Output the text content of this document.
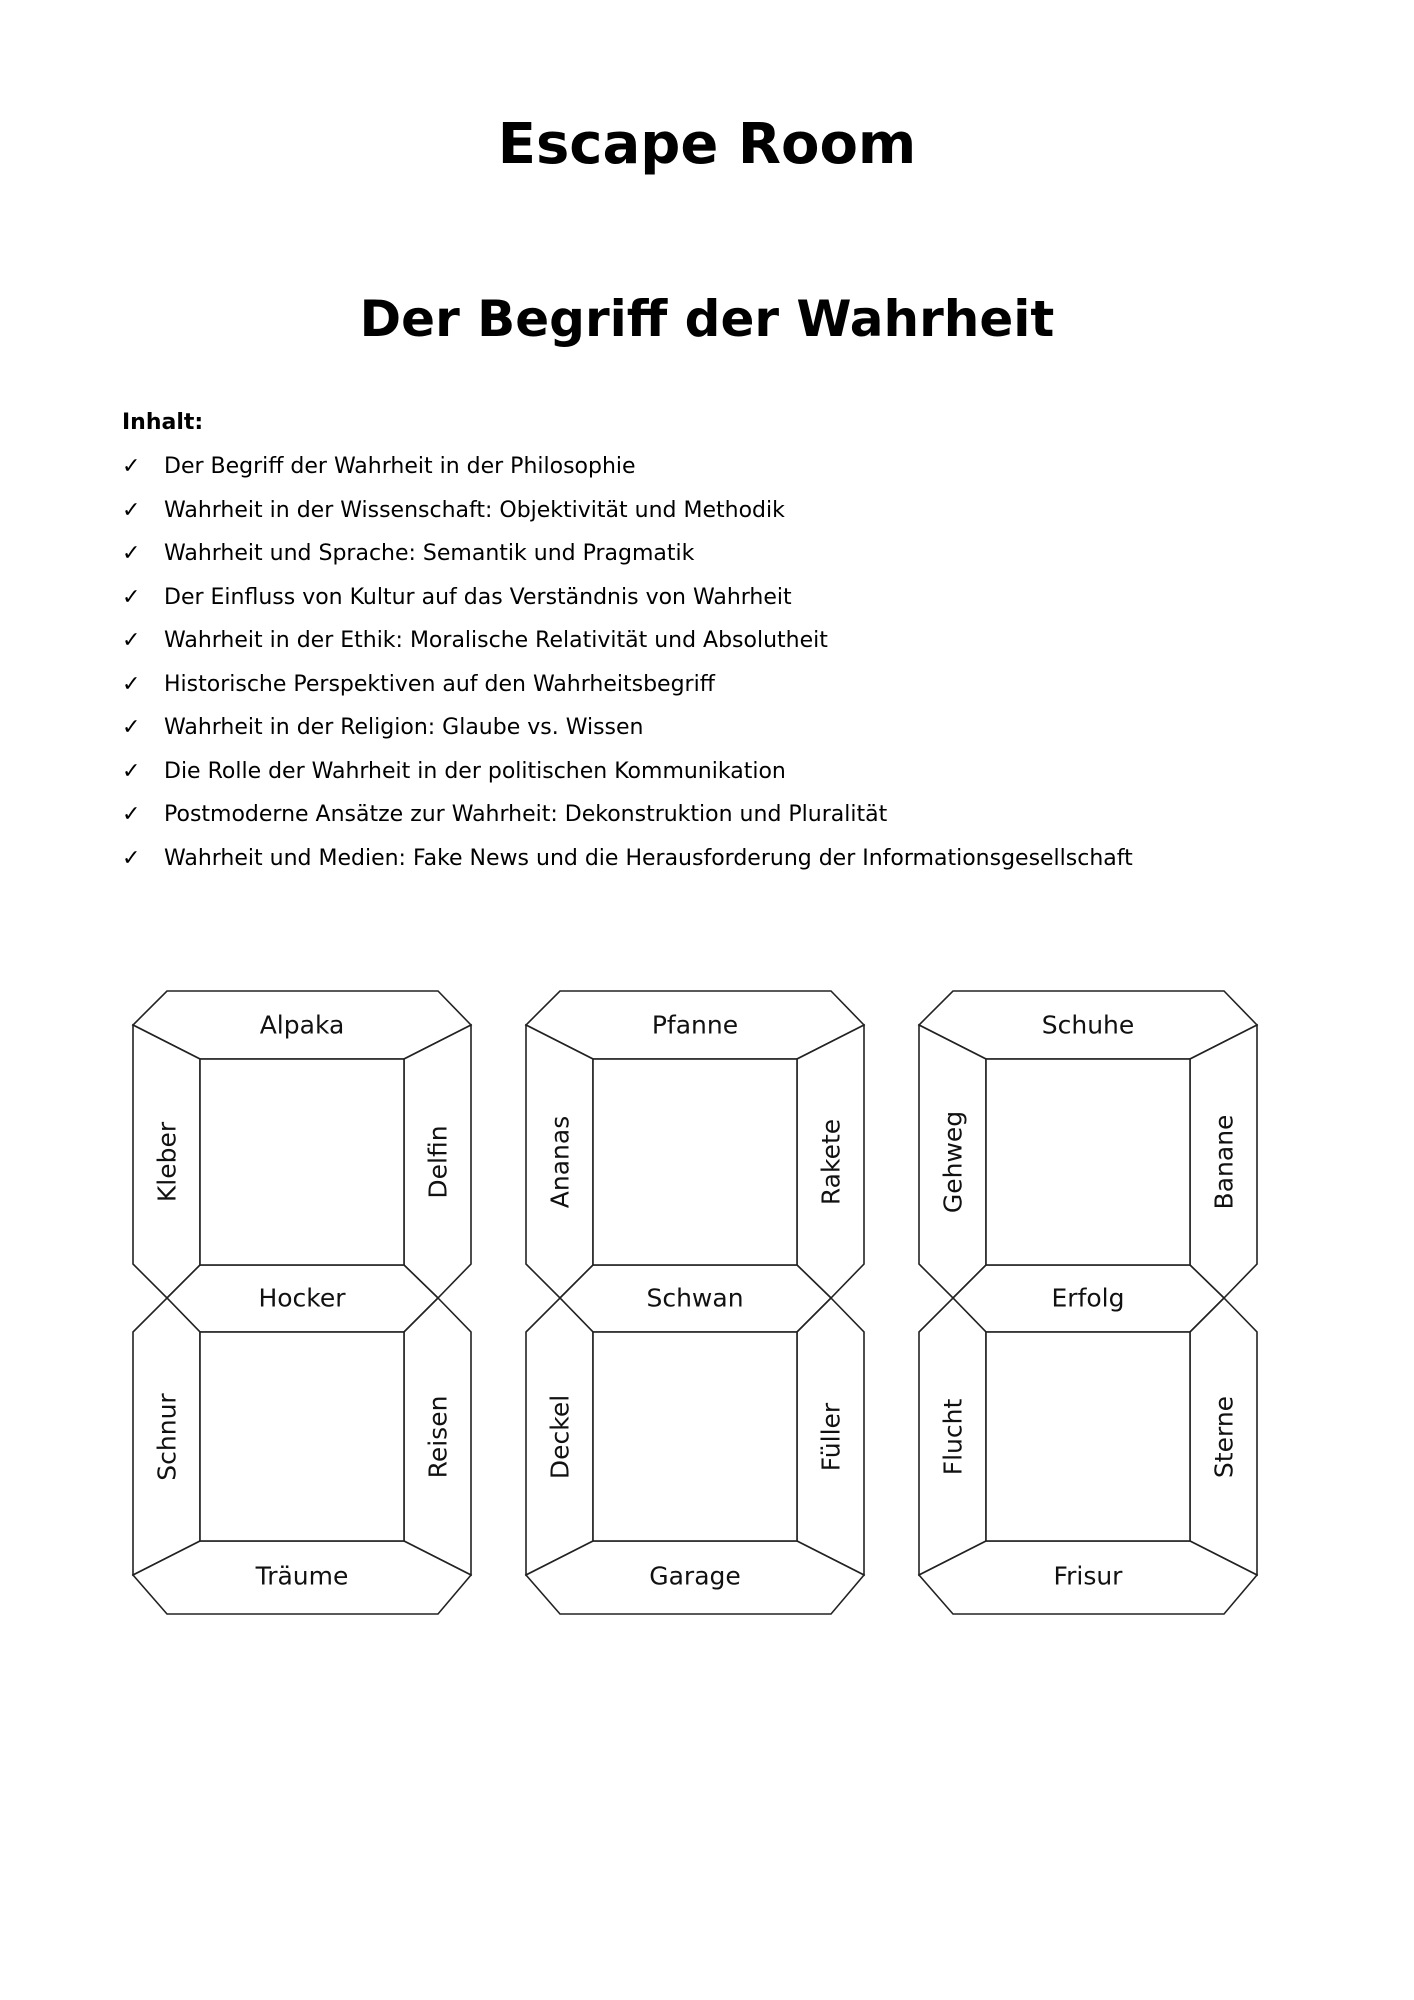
Escape Room
Der Begriff der Wahrheit
Inhalt:
✓	Der Begriff der Wahrheit in der Philosophie
✓	Wahrheit in der Wissenschaft: Objektivität und Methodik
✓	Wahrheit und Sprache: Semantik und Pragmatik
✓	Der Einfluss von Kultur auf das Verständnis von Wahrheit
✓	Wahrheit in der Ethik: Moralische Relativität und Absolutheit
✓	Historische Perspektiven auf den Wahrheitsbegriff
✓	Wahrheit in der Religion: Glaube vs. Wissen
✓	Die Rolle der Wahrheit in der politischen Kommunikation
✓	Postmoderne Ansätze zur Wahrheit: Dekonstruktion und Pluralität
✓	Wahrheit und Medien: Fake News und die Herausforderung der Informationsgesellschaft
Alpaka
Kleber	Delfin
Hocker
Schnur	Reisen
Träume
Pfanne
Ananas	Rakete
Schwan
Deckel	Füller
Garage
Schuhe
Gehweg	Banane
Erfolg
Flucht	Sterne
Frisur
